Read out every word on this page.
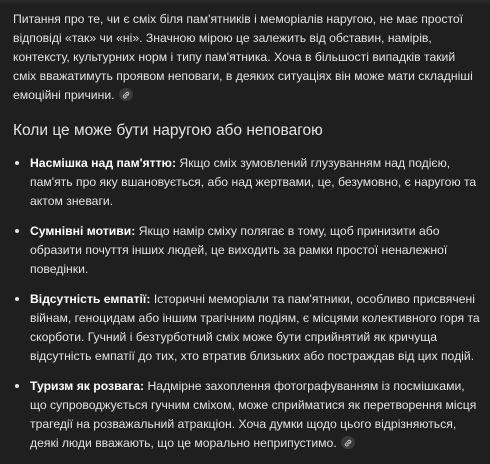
Питання про те, чи є сміх біля пам'ятників і меморіалів наругою, не має простої відповіді «так» чи «ні». Значною мірою це залежить від обставин, намірів, контексту, культурних норм і типу пам'ятника. Хоча в більшості випадків такий сміх вважатимуть проявом неповаги, в деяких ситуаціях він може мати складніші емоційні причини.

Коли це може бути наругою або неповагою
Насмішка над пам'яттю: Якщо сміх зумовлений глузуванням над подією, пам'ять про яку вшановується, або над жертвами, це, безумовно, є наругою та актом зневаги.
Сумнівні мотиви: Якщо намір сміху полягає в тому, щоб принизити або образити почуття інших людей, це виходить за рамки простої неналежної поведінки.
Відсутність емпатії: Історичні меморіали та пам'ятники, особливо присвячені війнам, геноцидам або іншим трагічним подіям, є місцями колективного горя та скорботи. Гучний і безтурботний сміх може бути сприйнятий як кричуща відсутність емпатії до тих, хто втратив близьких або постраждав від цих подій.
Туризм як розвага: Надмірне захоплення фотографуванням із посмішками, що супроводжується гучним сміхом, може сприйматися як перетворення місця трагедії на розважальний атракціон. Хоча думки щодо цього відрізняються, деякі люди вважають, що це морально неприпустимо.
